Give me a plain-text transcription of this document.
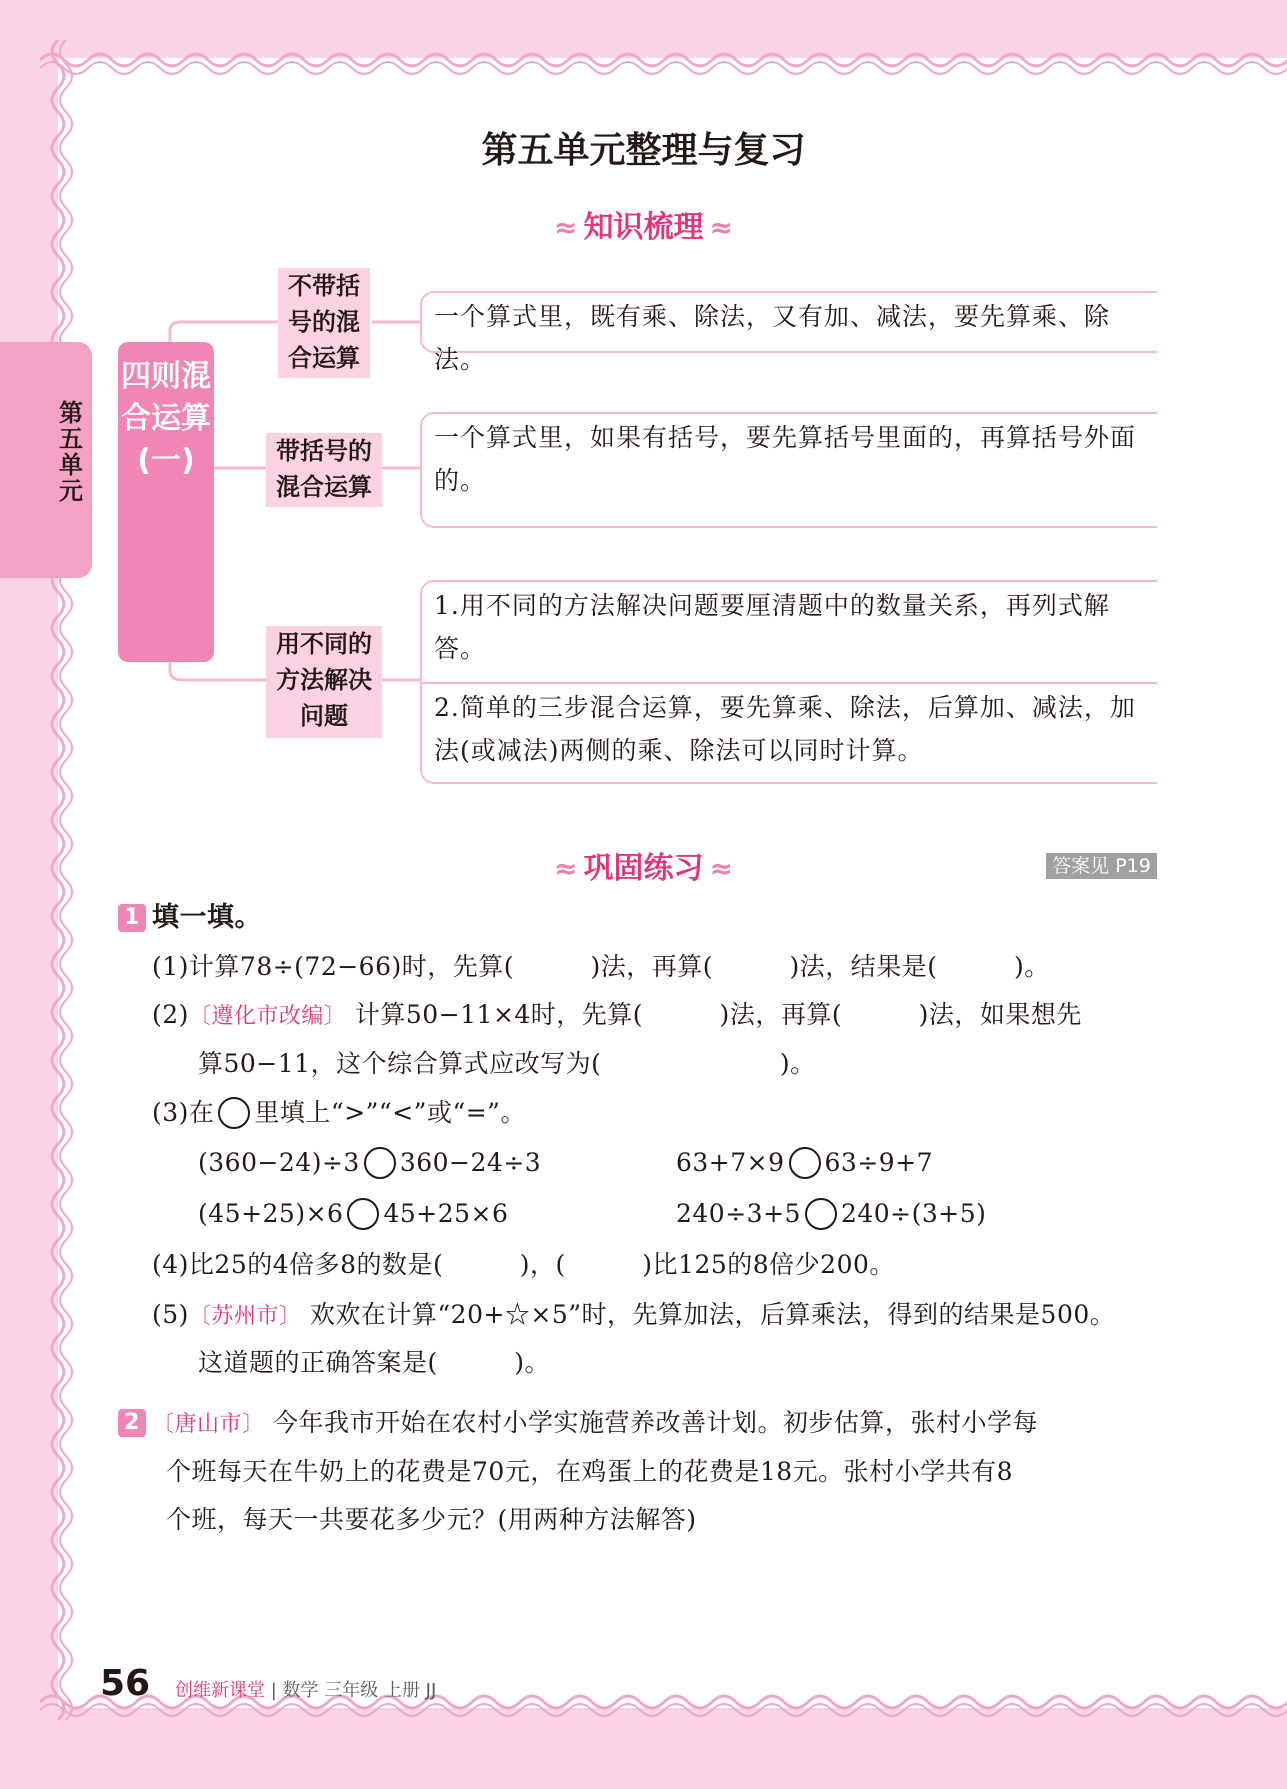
第五单元
第五单元整理与复习
≈ 知识梳理 ≈
四则混合运算(一)
不带括号的混合运算
带括号的混合运算
用不同的方法解决问题
一个算式里，既有乘、除法，又有加、减法，要先算乘、除法。
一个算式里，如果有括号，要先算括号里面的，再算括号外面的。
1.用不同的方法解决问题要厘清题中的数量关系，再列式解答。
2.简单的三步混合运算，要先算乘、除法，后算加、减法，加法(或减法)两侧的乘、除法可以同时计算。
≈ 巩固练习 ≈	答案见 P19
1 填一填。
(1)计算78÷(72−66)时，先算(　　　)法，再算(　　　)法，结果是(　　　)。
(2)〔遵化市改编〕 计算50−11×4时，先算(　　　)法，再算(　　　)法，如果想先
算50−11，这个综合算式应改写为(　　　　　　　)。
(3)在 里填上“>”“<”或“=”。
(360−24)÷3 360−24÷3	63+7×9 63÷9+7
(45+25)×6 45+25×6	240÷3+5 240÷(3+5)
(4)比25的4倍多8的数是(　　　)，(　　　)比125的8倍少200。
(5)〔苏州市〕 欢欢在计算“20+☆×5”时，先算加法，后算乘法，得到的结果是500。
这道题的正确答案是(　　　)。
2 〔唐山市〕 今年我市开始在农村小学实施营养改善计划。初步估算，张村小学每
个班每天在牛奶上的花费是70元，在鸡蛋上的花费是18元。张村小学共有8
个班，每天一共要花多少元？(用两种方法解答)
56 创维新课堂 | 数学 三年级 上册 JJ
